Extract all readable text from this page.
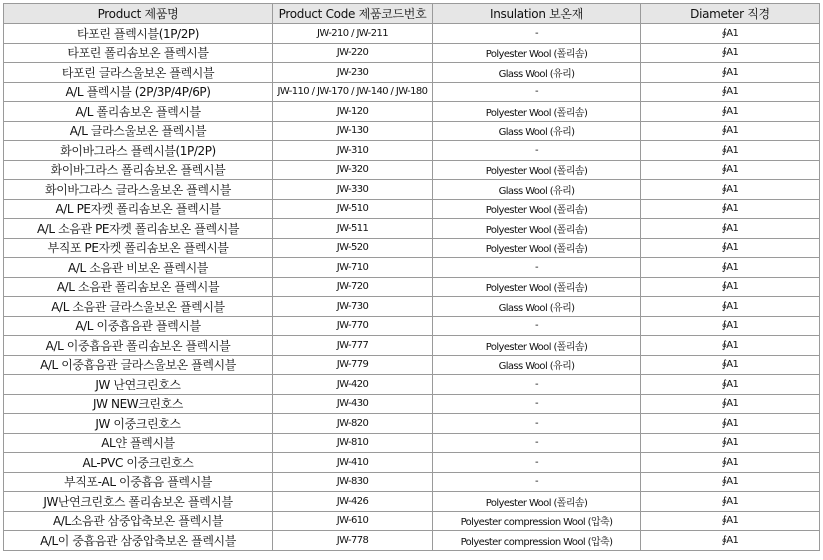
Product 제품명	Product Code 제품코드번호	Insulation 보온재	Diameter 직경
타포린 플렉시블(1P/2P)	JW-210 / JW-211	-	∮A1
타포린 폴리솜보온 플렉시블	JW-220	Polyester Wool (폴리솜)	∮A1
타포린 글라스울보온 플렉시블	JW-230	Glass Wool (유리)	∮A1
A/L 플렉시블 (2P/3P/4P/6P)	JW-110 / JW-170 / JW-140 / JW-180	-	∮A1
A/L 폴리솜보온 플렉시블	JW-120	Polyester Wool (폴리솜)	∮A1
A/L 글라스울보온 플렉시블	JW-130	Glass Wool (유리)	∮A1
화이바그라스 플렉시블(1P/2P)	JW-310	-	∮A1
화이바그라스 폴리솜보온 플렉시블	JW-320	Polyester Wool (폴리솜)	∮A1
화이바그라스 글라스울보온 플렉시블	JW-330	Glass Wool (유리)	∮A1
A/L PE자켓 폴리솜보온 플렉시블	JW-510	Polyester Wool (폴리솜)	∮A1
A/L 소음관 PE자켓 폴리솜보온 플렉시블	JW-511	Polyester Wool (폴리솜)	∮A1
부직포 PE자켓 폴리솜보온 플렉시블	JW-520	Polyester Wool (폴리솜)	∮A1
A/L 소음관 비보온 플렉시블	JW-710	-	∮A1
A/L 소음관 폴리솜보온 플렉시블	JW-720	Polyester Wool (폴리솜)	∮A1
A/L 소음관 글라스울보온 플렉시블	JW-730	Glass Wool (유리)	∮A1
A/L 이중흡음관 플렉시블	JW-770	-	∮A1
A/L 이중흡음관 폴리솜보온 플렉시블	JW-777	Polyester Wool (폴리솜)	∮A1
A/L 이중흡음관 글라스울보온 플렉시블	JW-779	Glass Wool (유리)	∮A1
JW 난연크린호스	JW-420	-	∮A1
JW NEW크린호스	JW-430	-	∮A1
JW 이중크린호스	JW-820	-	∮A1
AL얀 플렉시블	JW-810	-	∮A1
AL-PVC 이중크린호스	JW-410	-	∮A1
부직포-AL 이중흡음 플렉시블	JW-830	-	∮A1
JW난연크린호스 폴리솜보온 플렉시블	JW-426	Polyester Wool (폴리솜)	∮A1
A/L소음관 삼중압축보온 플렉시블	JW-610	Polyester compression Wool (압축)	∮A1
A/L이 중흡음관 삼중압축보온 플렉시블	JW-778	Polyester compression Wool (압축)	∮A1
